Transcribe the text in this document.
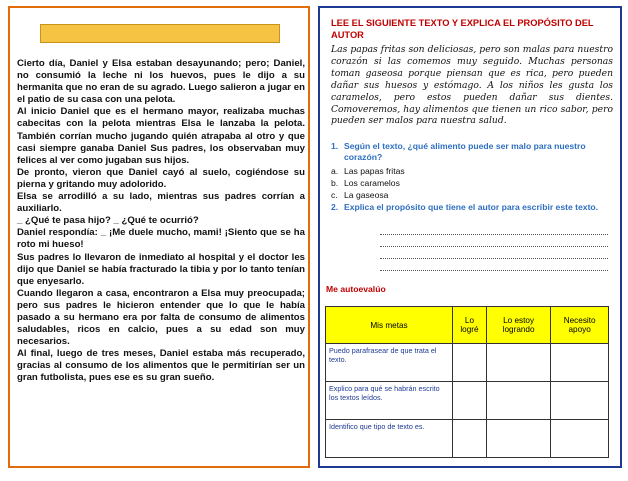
Cierto día, Daniel y Elsa estaban desayunando; pero; Daniel, no consumió la leche ni los huevos, pues le dijo a su hermanita que no eran de su agrado. Luego salieron a jugar en el patio de su casa con una pelota.

Al inicio Daniel que es el hermano mayor, realizaba muchas cabecitas con la pelota mientras Elsa le lanzaba la pelota. También corrían mucho jugando quién atrapaba al otro y que casi siempre ganaba Daniel Sus padres, los observaban muy felices al ver como jugaban sus hijos.

De pronto, vieron que Daniel cayó al suelo, cogiéndose su pierna y gritando muy adolorido.

Elsa se arrodilló a su lado, mientras sus padres corrían a auxiliarlo.

_ ¿Qué te pasa hijo? _ ¿Qué te ocurrió?

Daniel respondía: _ ¡Me duele mucho, mami! ¡Siento que se ha roto mi hueso!

Sus padres lo llevaron de inmediato al hospital y el doctor les dijo que Daniel se había fracturado la tibia y por lo tanto tenían que enyesarlo.

Cuando llegaron a casa, encontraron a Elsa muy preocupada; pero sus padres le hicieron entender que lo que le había pasado a su hermano era por falta de consumo de alimentos saludables, ricos en calcio, pues a su edad son muy necesarios.

Al final, luego de tres meses, Daniel estaba más recuperado, gracias al consumo de los alimentos que le permitirían ser un gran futbolista, pues ese es su gran sueño.

LEE EL SIGUIENTE TEXTO Y EXPLICA EL PROPÓSITO DEL AUTOR
Las papas fritas son deliciosas, pero son malas para nuestro corazón si las comemos muy seguido. Muchas personas toman gaseosa porque piensan que es rica, pero pueden dañar sus huesos y estómago. A los niños les gusta los caramelos, pero estos pueden dañar sus dientes. Comoveremos, hay alimentos que tienen un rico sabor, pero pueden ser malos para nuestra salud.
1. Según el texto, ¿qué alimento puede ser malo para nuestro corazón?
a. Las papas fritas
b. Los caramelos
c. La gaseosa
2. Explica el propósito que tiene el autor para escribir este texto.
Me autoevalúo
Mis metas	Lo logré	Lo estoy logrando	Necesito apoyo
Puedo parafrasear de que trata el texto.			
Explico para qué se habrán escrito los textos leídos.			
Identifico que tipo de texto es.			
